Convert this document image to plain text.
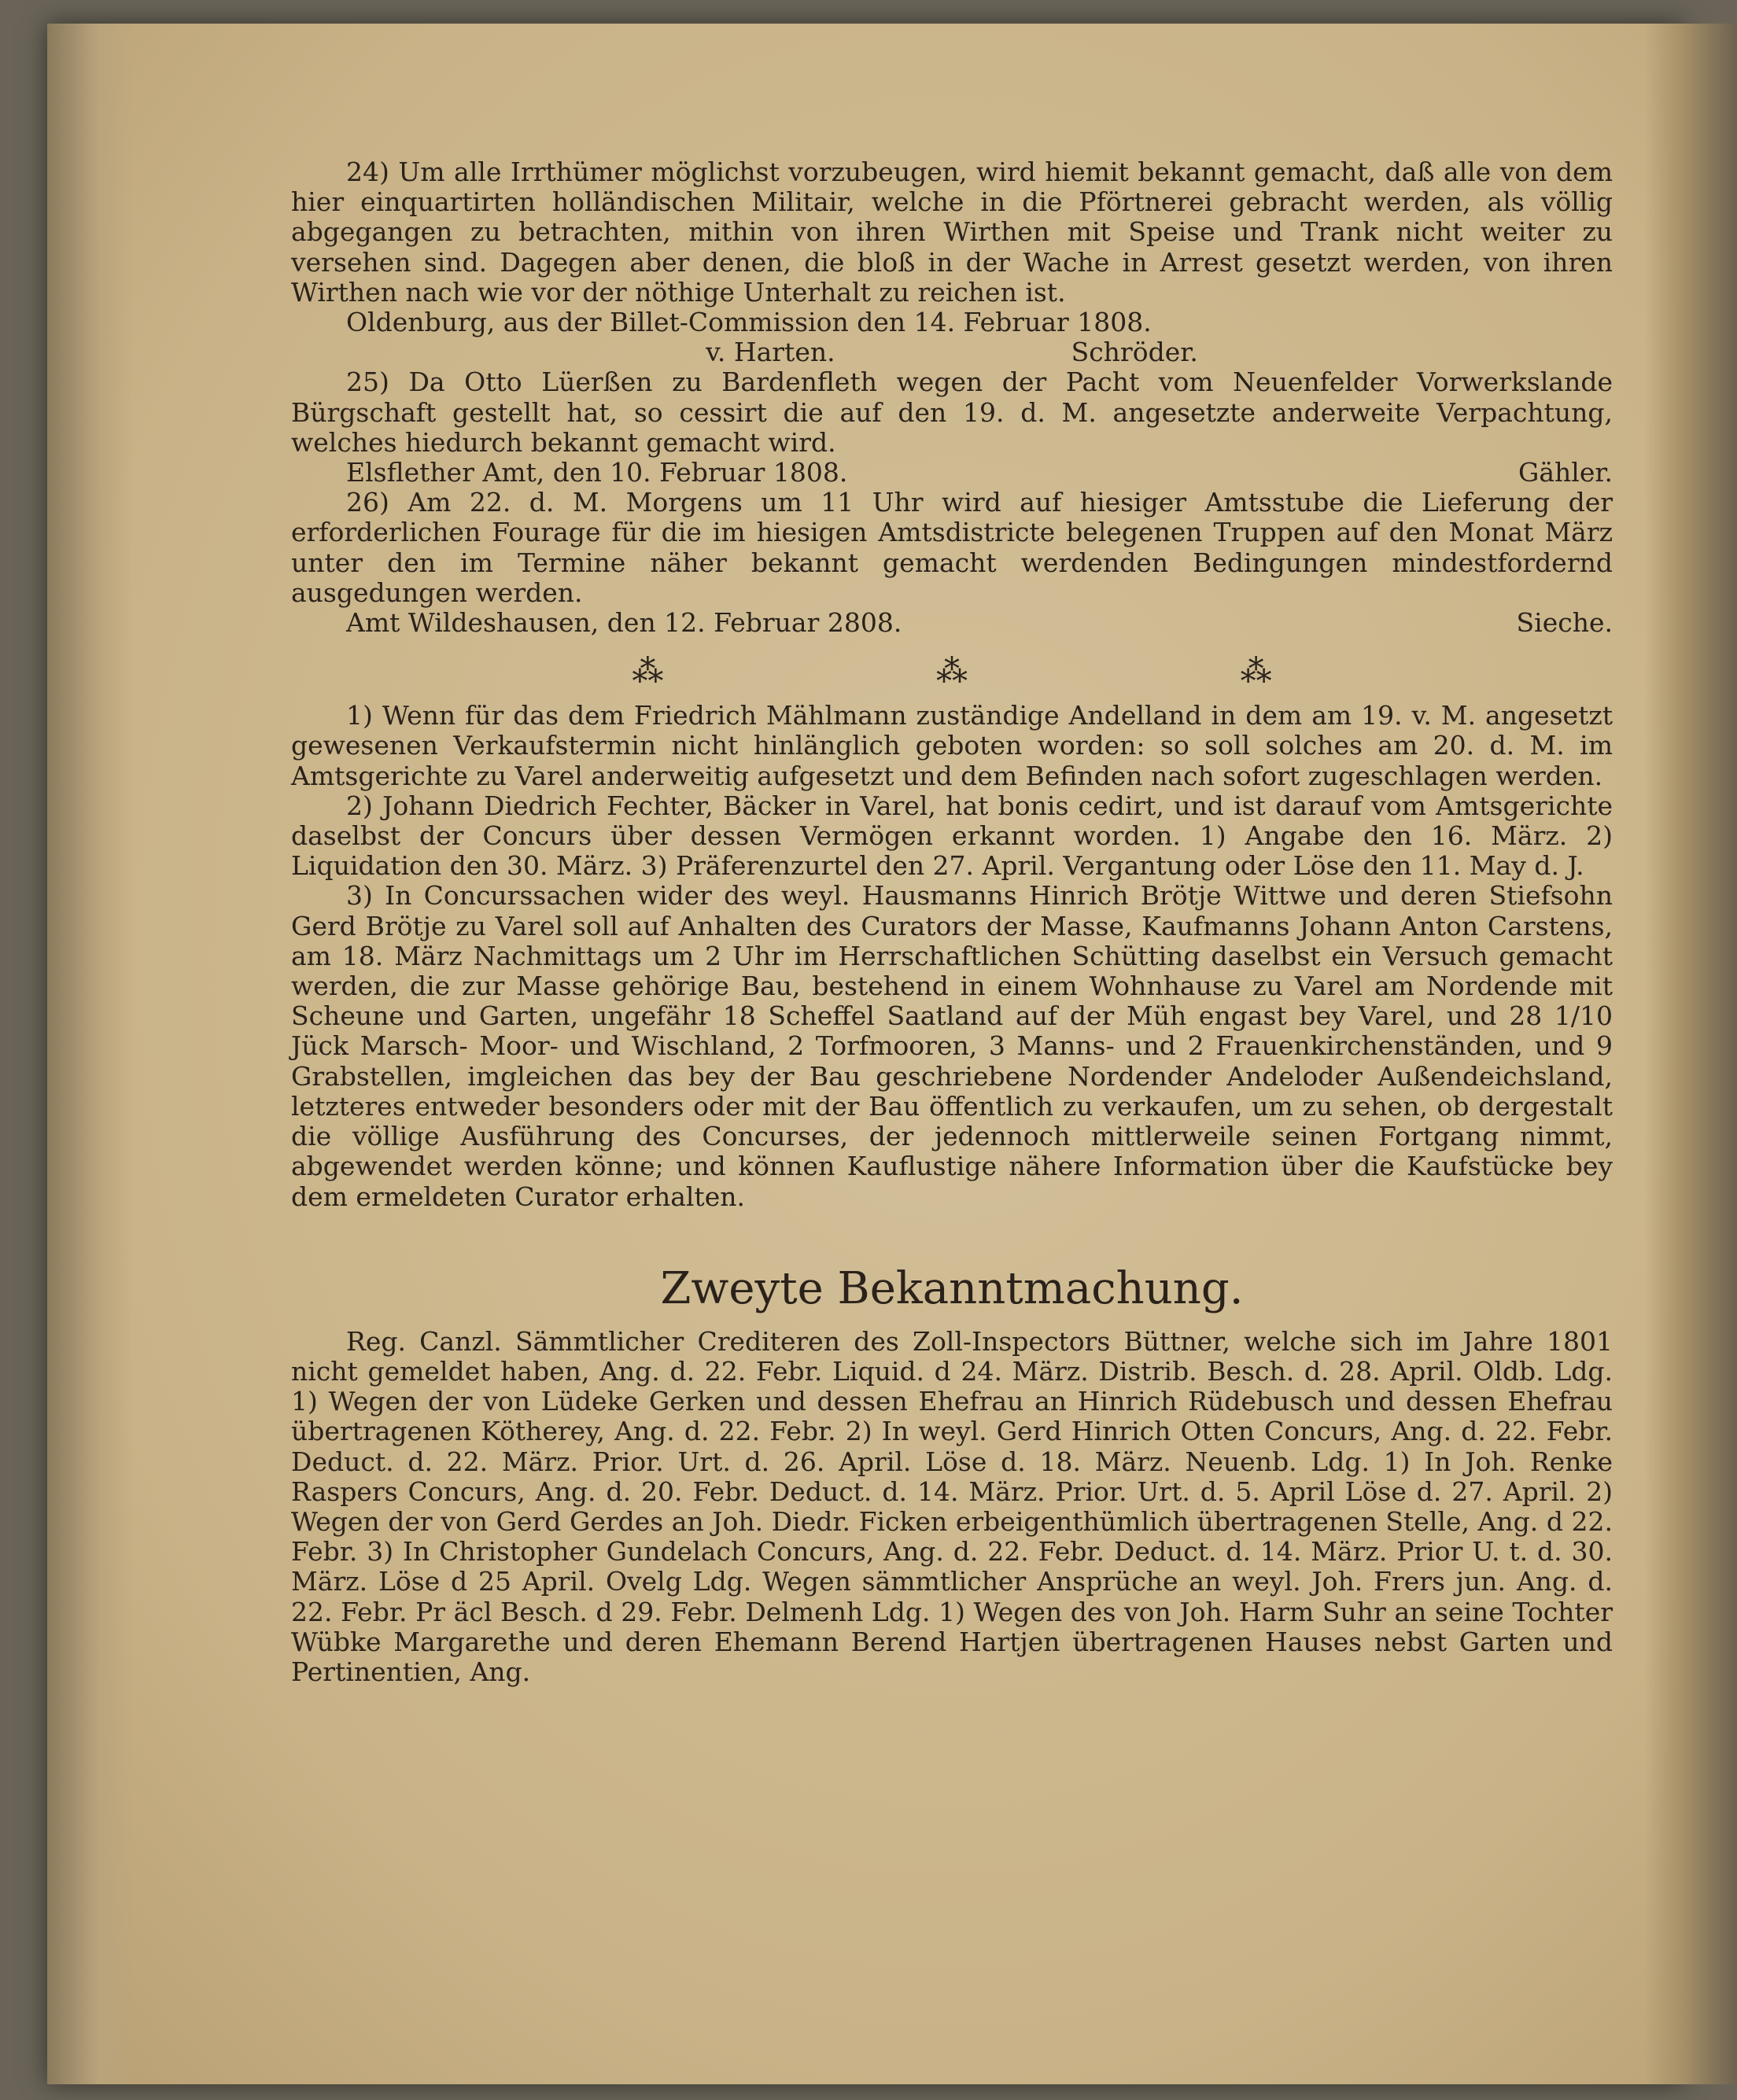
24) Um alle Irrthümer möglichst vorzubeugen, wird hiemit bekannt gemacht, daß alle von dem hier einquartirten holländischen Militair, welche in die Pförtnerei gebracht werden, als völlig abgegangen zu betrachten, mithin von ihren Wirthen mit Speise und Trank nicht weiter zu versehen sind. Dagegen aber denen, die bloß in der Wache in Arrest gesetzt werden, von ihren Wirthen nach wie vor der nöthige Unterhalt zu reichen ist.

Oldenburg, aus der Billet-Commission den 14. Februar 1808.

v. Harten.	Schröder.

25) Da Otto Lüerßen zu Bardenfleth wegen der Pacht vom Neuenfelder Vorwerkslande Bürgschaft gestellt hat, so cessirt die auf den 19. d. M. angesetzte anderweite Verpachtung, welches hiedurch bekannt gemacht wird.

Elsflether Amt, den 10. Februar 1808.	Gähler.

26) Am 22. d. M. Morgens um 11 Uhr wird auf hiesiger Amtsstube die Lieferung der erforderlichen Fourage für die im hiesigen Amtsdistricte belegenen Truppen auf den Monat März unter den im Termine näher bekannt gemacht werdenden Bedingungen mindestfordernd ausgedungen werden.

Amt Wildeshausen, den 12. Februar 2808.	Sieche.
⁂	⁂	⁂

1) Wenn für das dem Friedrich Mählmann zuständige Andelland in dem am 19. v. M. angesetzt gewesenen Verkaufstermin nicht hinlänglich geboten worden: so soll solches am 20. d. M. im Amtsgerichte zu Varel anderweitig aufgesetzt und dem Befinden nach sofort zugeschlagen werden.

2) Johann Diedrich Fechter, Bäcker in Varel, hat bonis cedirt, und ist darauf vom Amtsgerichte daselbst der Concurs über dessen Vermögen erkannt worden. 1) Angabe den 16. März. 2) Liquidation den 30. März. 3) Präferenzurtel den 27. April. Vergantung oder Löse den 11. May d. J.

3) In Concurssachen wider des weyl. Hausmanns Hinrich Brötje Wittwe und deren Stiefsohn Gerd Brötje zu Varel soll auf Anhalten des Curators der Masse, Kaufmanns Johann Anton Carstens, am 18. März Nachmittags um 2 Uhr im Herrschaftlichen Schütting daselbst ein Versuch gemacht werden, die zur Masse gehörige Bau, bestehend in einem Wohnhause zu Varel am Nordende mit Scheune und Garten, ungefähr 18 Scheffel Saatland auf der Müh engast bey Varel, und 28 1/10 Jück Marsch- Moor- und Wischland, 2 Torfmooren, 3 Manns- und 2 Frauenkirchenständen, und 9 Grabstellen, imgleichen das bey der Bau geschriebene Nordender Andeloder Außendeichsland, letzteres entweder besonders oder mit der Bau öffentlich zu verkaufen, um zu sehen, ob dergestalt die völlige Ausführung des Concurses, der jedennoch mittlerweile seinen Fortgang nimmt, abgewendet werden könne; und können Kauflustige nähere Information über die Kaufstücke bey dem ermeldeten Curator erhalten.

Zweyte Bekanntmachung.

Reg. Canzl. Sämmtlicher Crediteren des Zoll-Inspectors Büttner, welche sich im Jahre 1801 nicht gemeldet haben, Ang. d. 22. Febr. Liquid. d 24. März. Distrib. Besch. d. 28. April. Oldb. Ldg. 1) Wegen der von Lüdeke Gerken und dessen Ehefrau an Hinrich Rüdebusch und dessen Ehefrau übertragenen Kötherey, Ang. d. 22. Febr. 2) In weyl. Gerd Hinrich Otten Concurs, Ang. d. 22. Febr. Deduct. d. 22. März. Prior. Urt. d. 26. April. Löse d. 18. März. Neuenb. Ldg. 1) In Joh. Renke Raspers Concurs, Ang. d. 20. Febr. Deduct. d. 14. März. Prior. Urt. d. 5. April Löse d. 27. April. 2) Wegen der von Gerd Gerdes an Joh. Diedr. Ficken erbeigenthümlich übertragenen Stelle, Ang. d 22. Febr. 3) In Christopher Gundelach Concurs, Ang. d. 22. Febr. Deduct. d. 14. März. Prior U. t. d. 30. März. Löse d 25 April. Ovelg Ldg. Wegen sämmtlicher Ansprüche an weyl. Joh. Frers jun. Ang. d. 22. Febr. Pr äcl Besch. d 29. Febr. Delmenh Ldg. 1) Wegen des von Joh. Harm Suhr an seine Tochter Wübke Margarethe und deren Ehemann Berend Hartjen übertragenen Hauses nebst Garten und Pertinentien, Ang.
